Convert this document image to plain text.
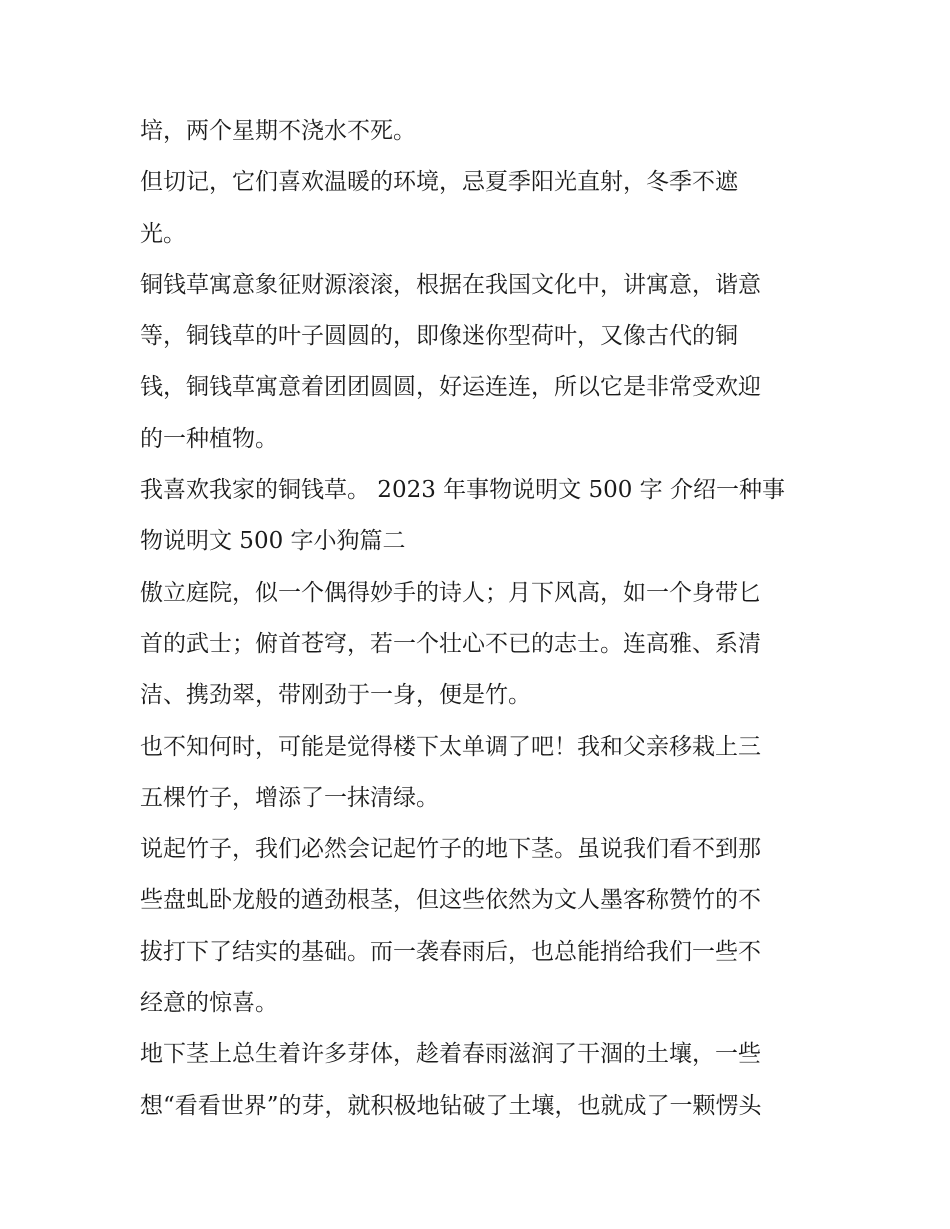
培，两个星期不浇水不死。
但切记，它们喜欢温暖的环境，忌夏季阳光直射，冬季不遮
光。
铜钱草寓意象征财源滚滚，根据在我国文化中，讲寓意，谐意
等，铜钱草的叶子圆圆的，即像迷你型荷叶，又像古代的铜
钱，铜钱草寓意着团团圆圆，好运连连，所以它是非常受欢迎
的一种植物。
我喜欢我家的铜钱草。 2023 年事物说明文 500 字 介绍一种事
物说明文 500 字小狗篇二
傲立庭院，似一个偶得妙手的诗人；月下风高，如一个身带匕
首的武士；俯首苍穹，若一个壮心不已的志士。连高雅、系清
洁、携劲翠，带刚劲于一身，便是竹。
也不知何时，可能是觉得楼下太单调了吧！我和父亲移栽上三
五棵竹子，增添了一抹清绿。
说起竹子，我们必然会记起竹子的地下茎。虽说我们看不到那
些盘虬卧龙般的遒劲根茎，但这些依然为文人墨客称赞竹的不
拔打下了结实的基础。而一袭春雨后，也总能捎给我们一些不
经意的惊喜。
地下茎上总生着许多芽体，趁着春雨滋润了干涸的土壤，一些
想“看看世界”的芽，就积极地钻破了土壤，也就成了一颗愣头
